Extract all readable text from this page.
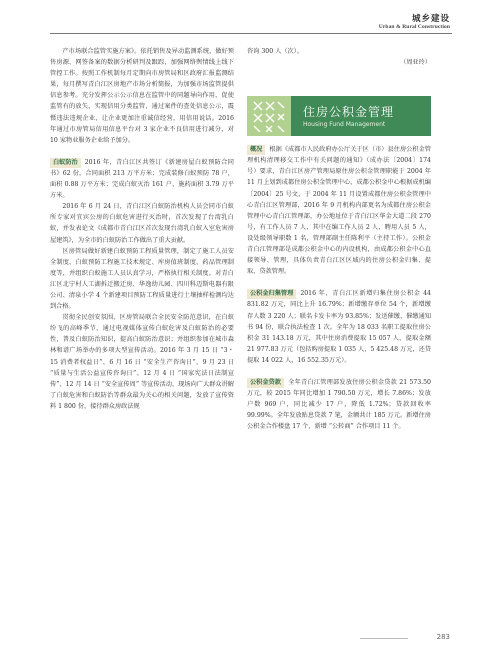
城乡建设
Urban & Rural Construction

产市场联合监管实施方案》。依托销售及异动监测系统，做好预售房源、网签备案的数据分析研判及跟踪，加强网络舆情线上线下管控工作。按照工作机制每月定期向市房管局和区政府汇报监测结果，每月撰写青白江区房地产市场分析简报，为加强市场监管提供信息参考。充分发挥公示公示信息在监管中的同题导向作用，促使监管有的放矢，实现信用分类监管，通过案件的查处信息公示，震慑违法违规企业，让企业更加注重诚信经营，用信用说话。2016 年通过市房管局信用信息平台对 3 家企业不良信用进行减分，对 10 家物业服务企业给予加分。

白蚁防治 2016 年，青白江区共签订《新建房屋白蚁预防合同书》62 份，合同面积 213 万平方米；完成装修白蚁预防 78 户，面积 0.88 万平方米；完成白蚁灭治 161 户，施药面积 3.79 万平方米。

2016 年 6 月 24 日，青白江区白蚁防治机构人员会同市白蚁所专家对宜宾公房的白蚁危害进行灭治时，首次发现了台湾乳白蚁，并发表论文《成都市青白江区首次发现台湾乳白蚁入室危害房屋建筑》，为全市的白蚁防治工作做出了重大贡献。

区房管局做好新建白蚁预防工程质量管理，制定了施工人员安全制度、白蚁预防工程施工技术规定、库房值班制度、药品管理制度等，并组织白蚁施工人员认真学习，严格执行相关制度。对青白江区北宁村人工湖拆迁搬迁房、华逸幼儿园、四川科迈斯电器有限公司、清泉小学 4 个新建项目预防工程质量进行土壤抽样检测均达到合格。

贯彻全民创安氛围，区房管局联合全民安全防范意识，在白蚁纷飞的高峰季节，通过电视媒体宣传白蚁危害及白蚁防治的必要性，普及白蚁防治知识，提高白蚁防治意识；并组织参加在城市森林和谱广场举办的多项大型宣传活动。2016 年 3 月 15 日 “3・15 消费者权益日”、6 月 16 日 “安全生产咨询日”、9 月 23 日 “质量与生活公益宣传咨询日”、12 月 4 日 “国家宪法日法制宣传”、12 月 14 日 “安全宣传周” 等宣传活动，现场向广大群众讲解了白蚁危害和白蚁防治等群众最为关心的相关问题，发放了宣传资料 1 800 份，接待群众房政法规

咨询 300 人（次）。

（周亚玲）

概况 根据《成都市人民政府办公厅关于区（市）县住房公积金管理机构清理移交工作中有关问题的通知》（成办法〔2004〕174 号）要求，青白江区房产管理局原住房公积金管理职能于 2004 年 11 月上划到成都住房公积金管理中心，成都公积金中心根据成机编〔2004〕25 号文，于 2004 年 11 月设置成都住房公积金管理中心青白江区管理部，2016 年 9 月机构内部更名为成都住房公积金管理中心青白江管理部，办公地址位于青白江区华金大道二段 270 号，有工作人员 7 人，其中在编工作人员 2 人，聘用人员 5 人，设处级领导职数 1 名，管理部副主任陈利平（主持工作）。公积金青白江管理部是成都公积金中心的内设机构，由成都公积金中心直接领导、管理，具体负责青白江区区域内的住房公积金归集、提取、贷款管理。

公积金归集管理 2016 年，青白江区新增归集住房公积金 44 831.82 万元，同比上升 16.79%；新增缴存单位 54 个，新增缴存人数 3 220 人；联名卡发卡率为 93.85%；发送催缴、催缴通知书 94 份，联合执法检查 1 次。全年为 18 033 名职工提取住房公积金 31 143.18 万元，其中住房消费提取 15 057 人，提取金额 21 977.83 万元（包括购房提取 1 035 人，5 425.48 万元，还贷提取 14 022 人，16 552.35万元）。

公积金贷款 全年青白江管理部发放住房公积金贷款 21 573.50万元，较 2015 年同比增加 1 790.50 万元，增长 7.86%；发放户数 969 户，同比减少 17 户，降低 1.72%；贷款回收率 99.99%。全年发放贴息贷款 7 笔，金额共计 185 万元。新增住房公积金合作楼盘 17 个，新增 “公转商” 合作项目 11 个。

住房公积金管理
Housing Fund Management
283
